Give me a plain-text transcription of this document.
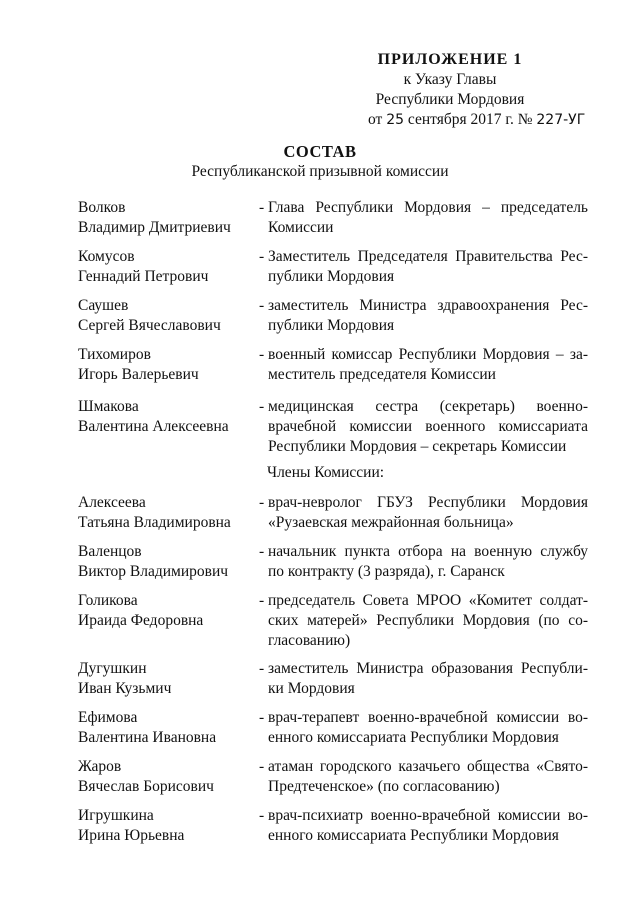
ПРИЛОЖЕНИЕ 1
к Указу Главы
Республики Мордовия
от 25 сентября 2017 г. № 227-УГ
СОСТАВ
Республиканской призывной комиссии
Члены Комиссии:
Волков
Владимир Дмитриевич
- Глава Республики Мордовия – председатель
Комиссии
Комусов
Геннадий Петрович
- Заместитель Председателя Правительства Рес-
публики Мордовия
Саушев
Сергей Вячеславович
- заместитель Министра здравоохранения Рес-
публики Мордовия
Тихомиров
Игорь Валерьевич
- военный комиссар Республики Мордовия – за-
меститель председателя Комиссии
Шмакова
Валентина Алексеевна
- медицинская сестра (секретарь) военно-
врачебной комиссии военного комиссариата
Республики Мордовия – секретарь Комиссии
Алексеева
Татьяна Владимировна
- врач-невролог ГБУЗ Республики Мордовия
«Рузаевская межрайонная больница»
Валенцов
Виктор Владимирович
- начальник пункта отбора на военную службу
по контракту (3 разряда), г. Саранск
Голикова
Ираида Федоровна
- председатель Совета МРОО «Комитет солдат-
ских матерей» Республики Мордовия (по со-
гласованию)
Дугушкин
Иван Кузьмич
- заместитель Министра образования Республи-
ки Мордовия
Ефимова
Валентина Ивановна
- врач-терапевт военно-врачебной комиссии во-
енного комиссариата Республики Мордовия
Жаров
Вячеслав Борисович
- атаман городского казачьего общества «Свято-
Предтеченское» (по согласованию)
Игрушкина
Ирина Юрьевна
- врач-психиатр военно-врачебной комиссии во-
енного комиссариата Республики Мордовия
